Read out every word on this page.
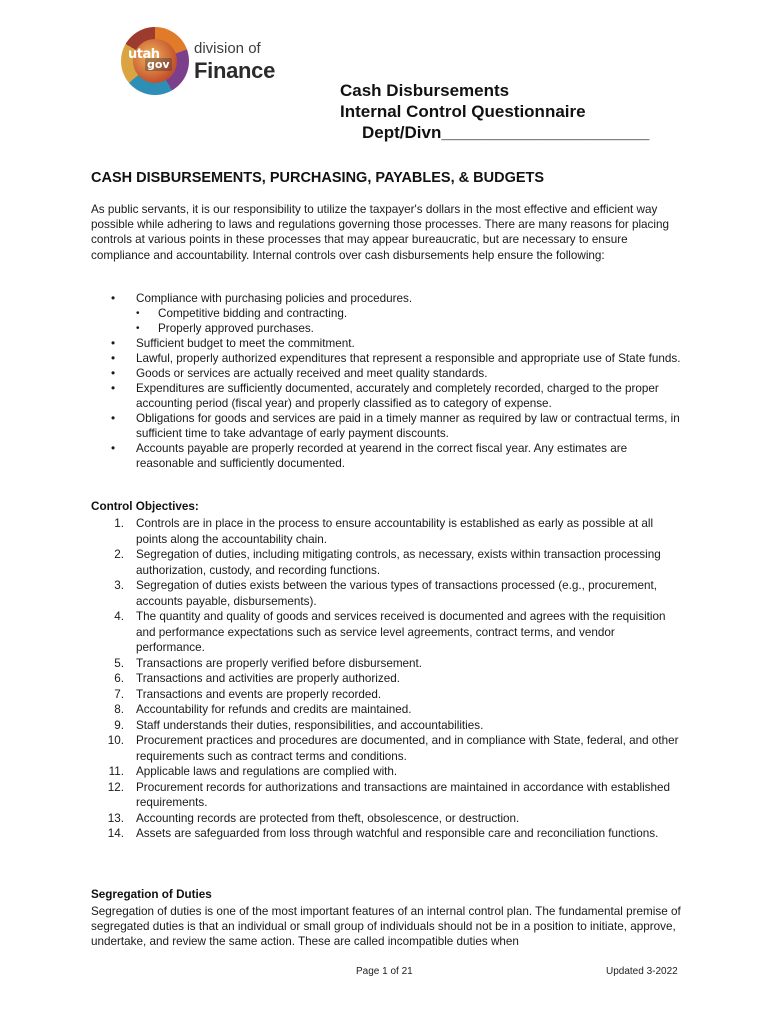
utah
gov
division of
Finance
Cash Disbursements
Internal Control Questionnaire
Dept/Divn______________________
CASH DISBURSEMENTS, PURCHASING, PAYABLES, & BUDGETS
As public servants, it is our responsibility to utilize the taxpayer's dollars in the most effective and efficient way possible while adhering to laws and regulations governing those processes. There are many reasons for placing controls at various points in these processes that may appear bureaucratic, but are necessary to ensure compliance and accountability. Internal controls over cash disbursements help ensure the following:
• Compliance with purchasing policies and procedures.
• Competitive bidding and contracting.
• Properly approved purchases.
• Sufficient budget to meet the commitment.
• Lawful, properly authorized expenditures that represent a responsible and appropriate use of State funds.
• Goods or services are actually received and meet quality standards.
• Expenditures are sufficiently documented, accurately and completely recorded, charged to the proper accounting period (fiscal year) and properly classified as to category of expense.
• Obligations for goods and services are paid in a timely manner as required by law or contractual terms, in sufficient time to take advantage of early payment discounts.
• Accounts payable are properly recorded at yearend in the correct fiscal year. Any estimates are reasonable and sufficiently documented.
Control Objectives:
1. Controls are in place in the process to ensure accountability is established as early as possible at all points along the accountability chain.
2. Segregation of duties, including mitigating controls, as necessary, exists within transaction processing authorization, custody, and recording functions.
3. Segregation of duties exists between the various types of transactions processed (e.g., procurement, accounts payable, disbursements).
4. The quantity and quality of goods and services received is documented and agrees with the requisition and performance expectations such as service level agreements, contract terms, and vendor performance.
5. Transactions are properly verified before disbursement.
6. Transactions and activities are properly authorized.
7. Transactions and events are properly recorded.
8. Accountability for refunds and credits are maintained.
9. Staff understands their duties, responsibilities, and accountabilities.
10. Procurement practices and procedures are documented, and in compliance with State, federal, and other requirements such as contract terms and conditions.
11. Applicable laws and regulations are complied with.
12. Procurement records for authorizations and transactions are maintained in accordance with established requirements.
13. Accounting records are protected from theft, obsolescence, or destruction.
14. Assets are safeguarded from loss through watchful and responsible care and reconciliation functions.
Segregation of Duties
Segregation of duties is one of the most important features of an internal control plan. The fundamental premise of segregated duties is that an individual or small group of individuals should not be in a position to initiate, approve, undertake, and review the same action. These are called incompatible duties when
Page 1 of 21	Updated 3-2022
